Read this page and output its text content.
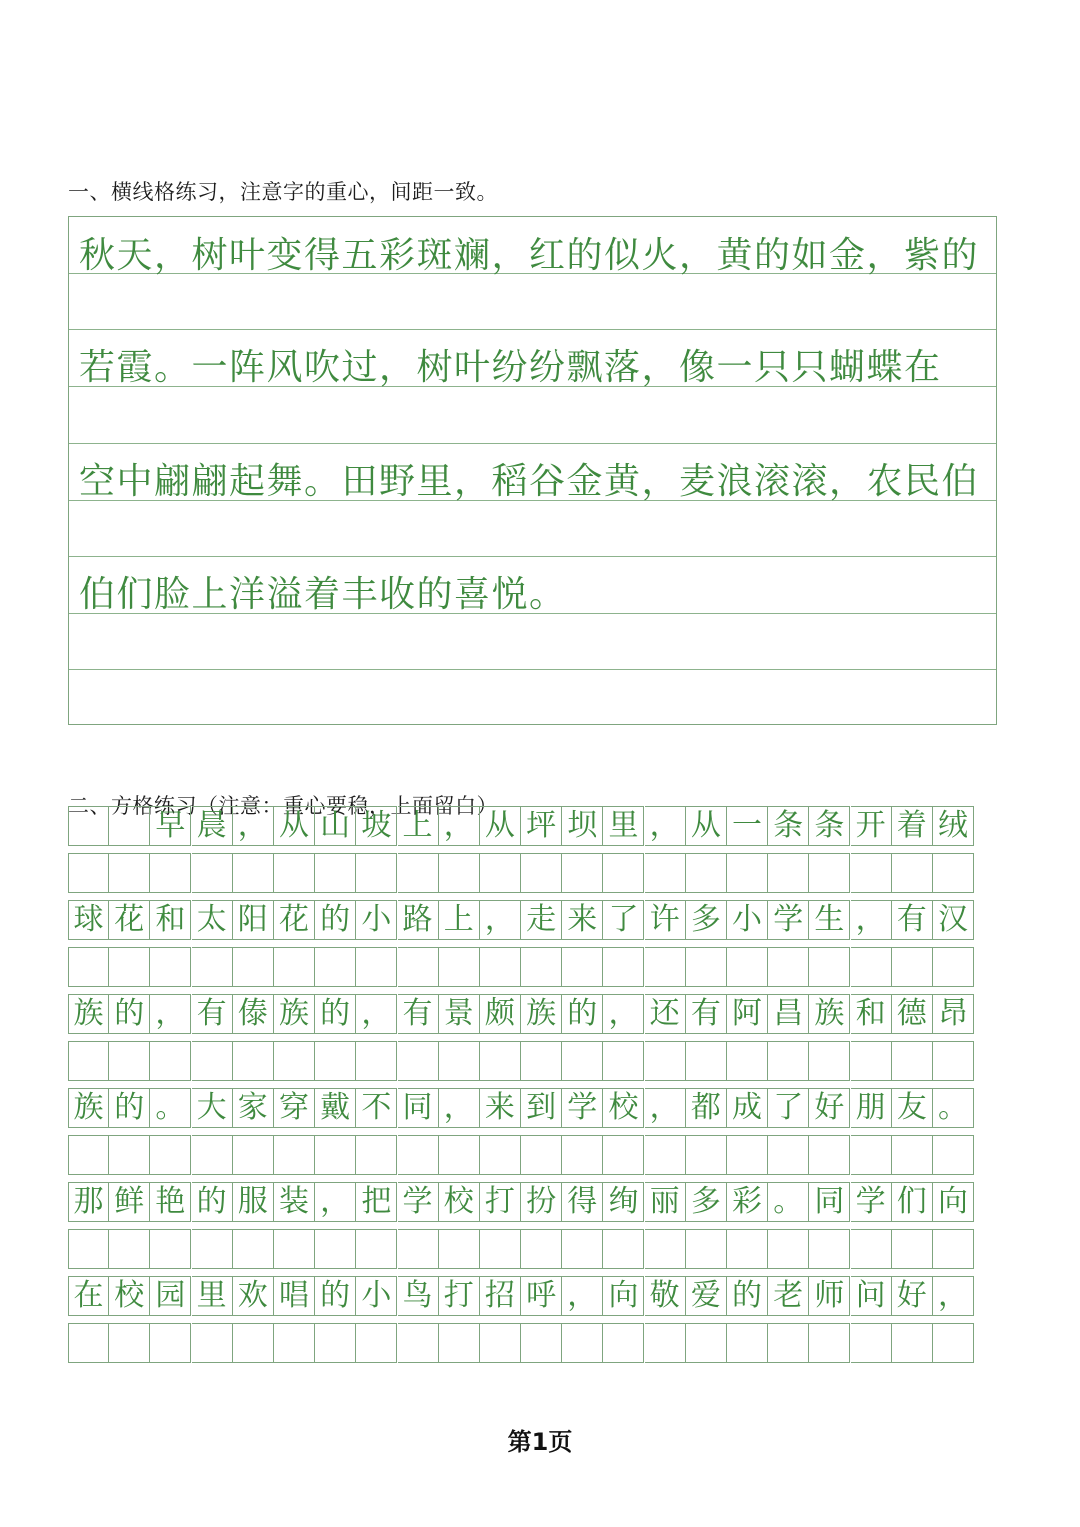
一、横线格练习，注意字的重心，间距一致。
秋天，树叶变得五彩斑斓，红的似火，黄的如金，紫的
若霞。一阵风吹过，树叶纷纷飘落，像一只只蝴蝶在
空中翩翩起舞。田野里，稻谷金黄，麦浪滚滚，农民伯
伯们脸上洋溢着丰收的喜悦。
二、方格练习（注意：重心要稳，上面留白）
早 晨 ， 从 山 坡 上 ， 从 坪 坝 里 ， 从 一 条 条 开 着 绒
球 花 和 太 阳 花 的 小 路 上 ， 走 来 了 许 多 小 学 生 ， 有 汉
族 的 ， 有 傣 族 的 ， 有 景 颇 族 的 ， 还 有 阿 昌 族 和 德 昂
族 的 。 大 家 穿 戴 不 同 ， 来 到 学 校 ， 都 成 了 好 朋 友 。
那 鲜 艳 的 服 装 ， 把 学 校 打 扮 得 绚 丽 多 彩 。 同 学 们 向
在 校 园 里 欢 唱 的 小 鸟 打 招 呼 ， 向 敬 爱 的 老 师 问 好 ，
第1页
